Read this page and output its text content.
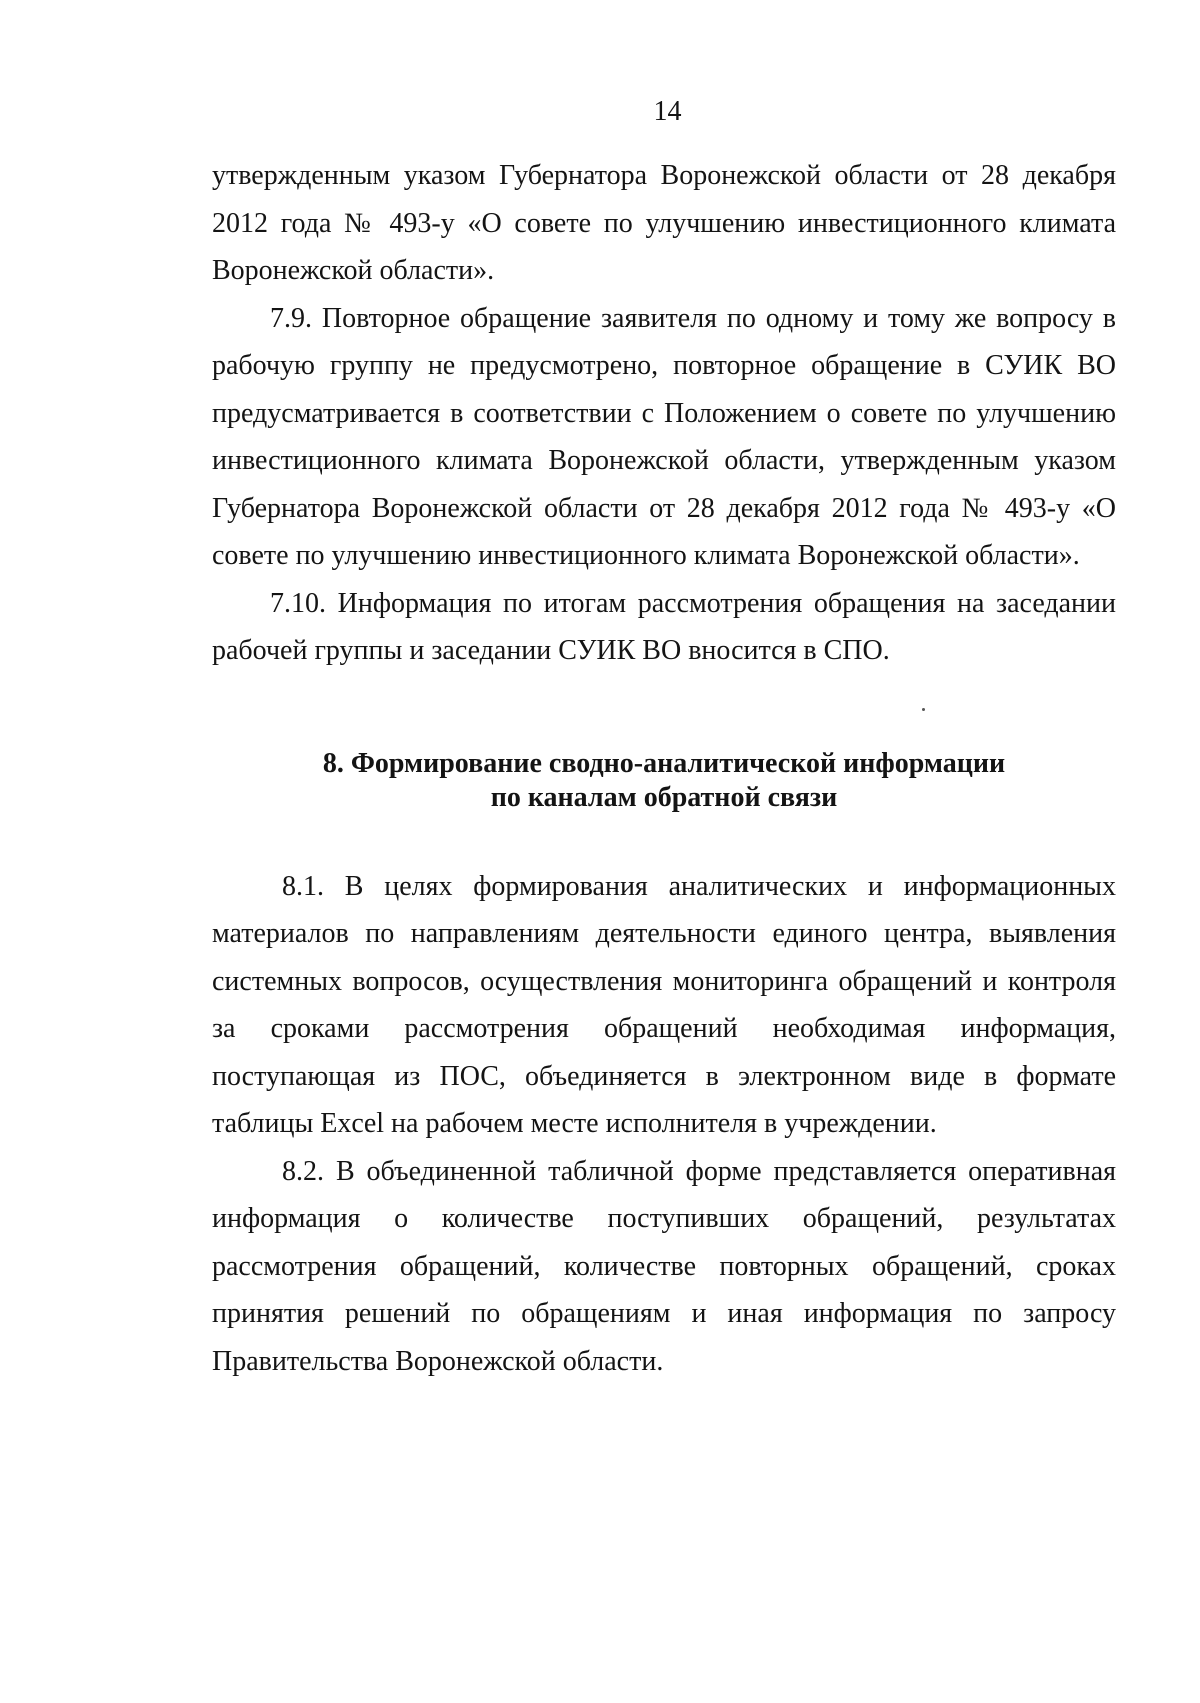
14

утвержденным указом Губернатора Воронежской области от 28 декабря 2012 года № 493-у «О совете по улучшению инвестиционного климата Воронежской области».

7.9. Повторное обращение заявителя по одному и тому же вопросу в рабочую группу не предусмотрено, повторное обращение в СУИК ВО предусматривается в соответствии с Положением о совете по улучшению инвестиционного климата Воронежской области, утвержденным указом Губернатора Воронежской области от 28 декабря 2012 года № 493-у «О совете по улучшению инвестиционного климата Воронежской области».

7.10. Информация по итогам рассмотрения обращения на заседании рабочей группы и заседании СУИК ВО вносится в СПО.

8. Формирование сводно-аналитической информации
по каналам обратной связи

8.1. В целях формирования аналитических и информационных материалов по направлениям деятельности единого центра, выявления системных вопросов, осуществления мониторинга обращений и контроля за сроками рассмотрения обращений необходимая информация, поступающая из ПОС, объединяется в электронном виде в формате таблицы Excel на рабочем месте исполнителя в учреждении.

8.2. В объединенной табличной форме представляется оперативная информация о количестве поступивших обращений, результатах рассмотрения обращений, количестве повторных обращений, сроках принятия решений по обращениям и иная информация по запросу Правительства Воронежской области.
